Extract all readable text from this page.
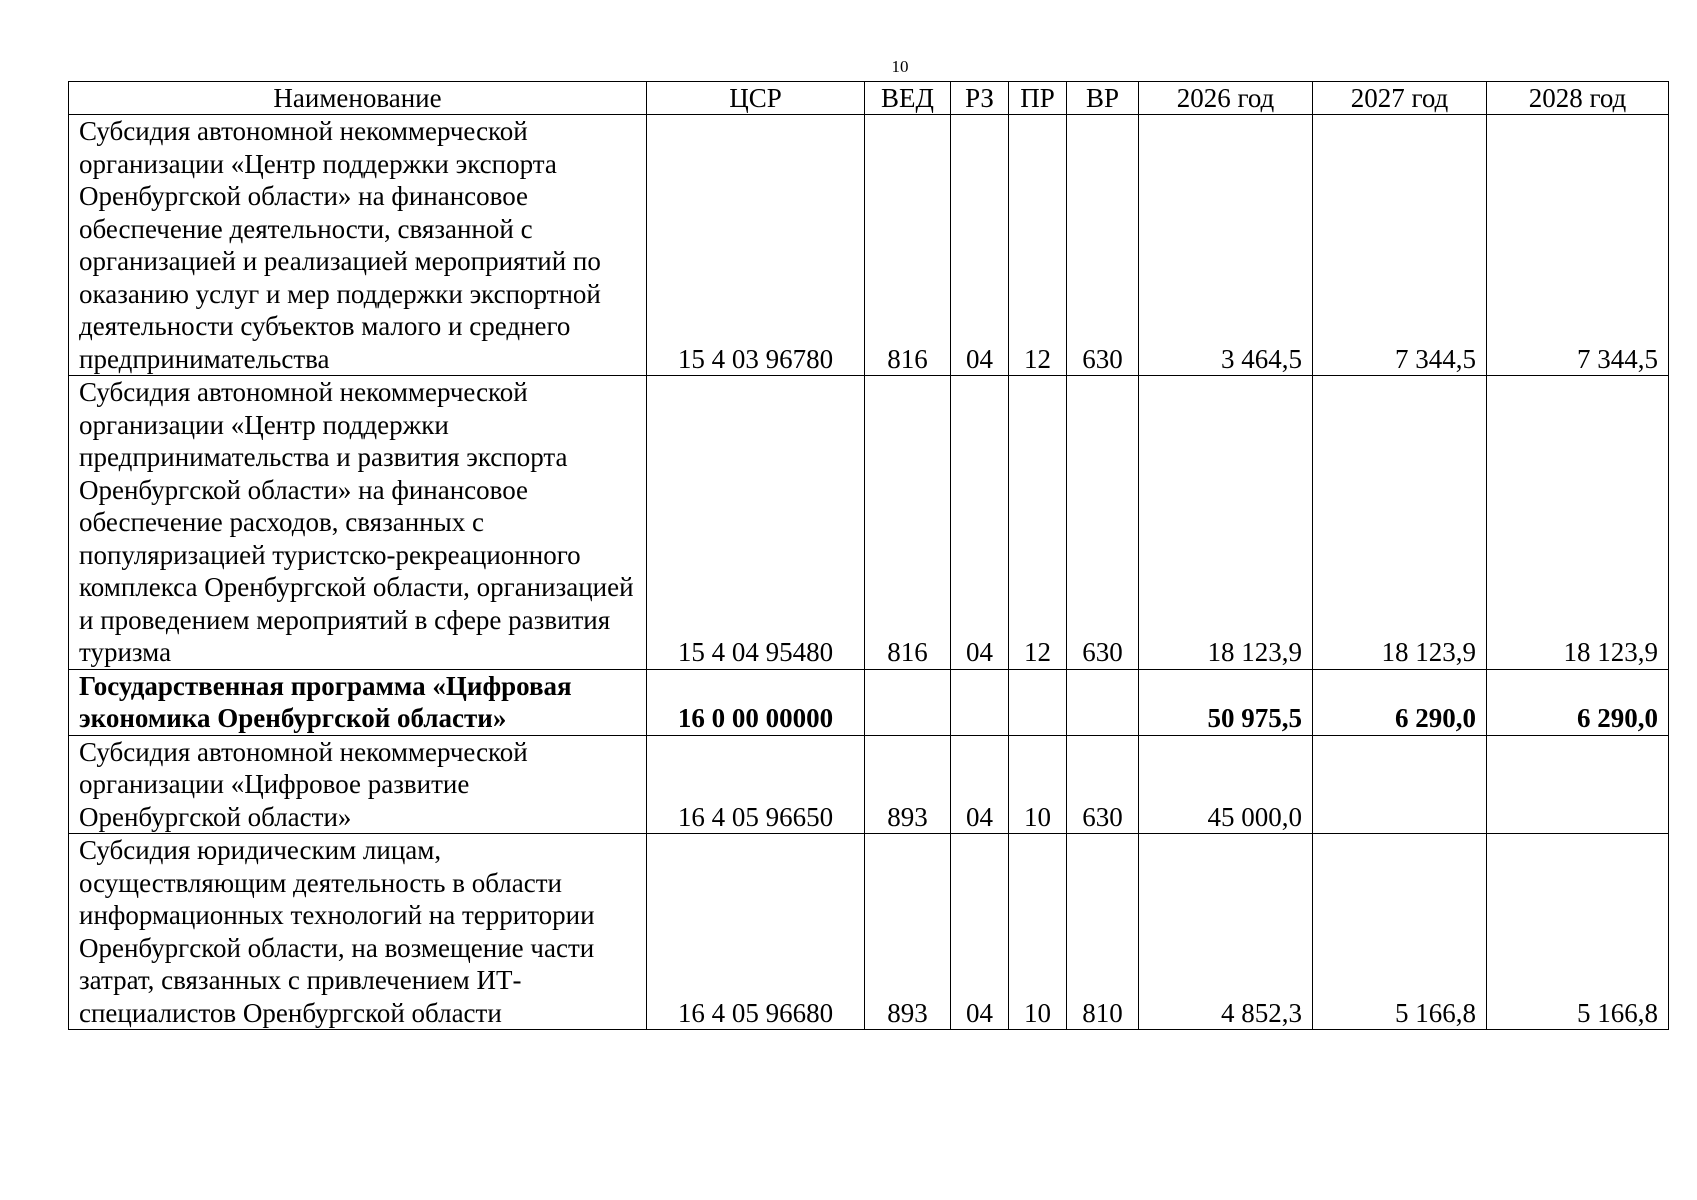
10
Наименование	ЦСР	ВЕД	РЗ	ПР	ВР	2026 год	2027 год	2028 год
Субсидия автономной некоммерческой организации «Центр поддержки экспорта Оренбургской области» на финансовое обеспечение деятельности, связанной с организацией и реализацией мероприятий по оказанию услуг и мер поддержки экспортной деятельности субъектов малого и среднего предпринимательства	15 4 03 96780	816	04	12	630	3 464,5	7 344,5	7 344,5
Субсидия автономной некоммерческой организации «Центр поддержки предпринимательства и развития экспорта Оренбургской области» на финансовое обеспечение расходов, связанных с популяризацией туристско-рекреационного комплекса Оренбургской области, организацией и проведением мероприятий в сфере развития туризма	15 4 04 95480	816	04	12	630	18 123,9	18 123,9	18 123,9
Государственная программа «Цифровая экономика Оренбургской области»	16 0 00 00000					50 975,5	6 290,0	6 290,0
Субсидия автономной некоммерческой организации «Цифровое развитие Оренбургской области»	16 4 05 96650	893	04	10	630	45 000,0		
Субсидия юридическим лицам, осуществляющим деятельность в области информационных технологий на территории Оренбургской области, на возмещение части затрат, связанных с привлечением ИТ-специалистов Оренбургской области	16 4 05 96680	893	04	10	810	4 852,3	5 166,8	5 166,8
